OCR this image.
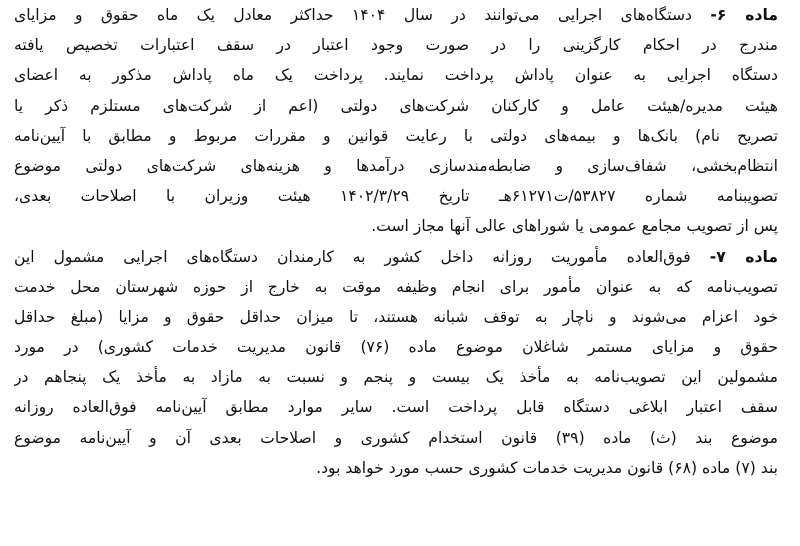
ماده ۶- دستگاه‌های اجرایی می‌توانند در سال ۱۴۰۴ حداکثر معادل یک ماه حقوق و مزایای
مندرج در احکام کارگزینی را در صورت وجود اعتبار در سقف اعتبارات تخصیص یافته
دستگاه اجرایی به عنوان پاداش پرداخت نمایند. پرداخت یک ماه پاداش مذکور به اعضای
هیئت مدیره/هیئت عامل و کارکنان شرکت‌های دولتی (اعم از شرکت‌های مستلزم ذکر یا
تصریح نام) بانک‌ها و بیمه‌های دولتی با رعایت قوانین و مقررات مربوط و مطابق با آیین‌نامه
انتظام‌بخشی، شفاف‌سازی و ضابطه‌مندسازی درآمدها و هزینه‌های شرکت‌های دولتی موضوع
تصویبنامه شماره ۵۳۸۲۷/ت۶۱۲۷۱هـ تاریخ ۱۴۰۲/۳/۲۹ هیئت وزیران با اصلاحات بعدی،
پس از تصویب مجامع عمومی یا شوراهای عالی آنها مجاز است.
ماده ۷- فوق‌العاده مأموریت روزانه داخل کشور به کارمندان دستگاه‌های اجرایی مشمول این
تصویب‌نامه که به عنوان مأمور برای انجام وظیفه موقت به خارج از حوزه شهرستان محل خدمت
خود اعزام می‌شوند و ناچار به توقف شبانه هستند، تا میزان حداقل حقوق و مزایا (مبلغ حداقل
حقوق و مزایای مستمر شاغلان موضوع ماده (۷۶) قانون مدیریت خدمات کشوری) در مورد
مشمولین این تصویب‌نامه به مأخذ یک بیست و پنجم و نسبت به مازاد به مأخذ یک پنجاهم در
سقف اعتبار ابلاغی دستگاه قابل پرداخت است. سایر موارد مطابق آیین‌نامه فوق‌العاده روزانه
موضوع بند (ث) ماده (۳۹) قانون استخدام کشوری و اصلاحات بعدی آن و آیین‌نامه موضوع
بند (۷) ماده (۶۸) قانون مدیریت خدمات کشوری حسب مورد خواهد بود.
